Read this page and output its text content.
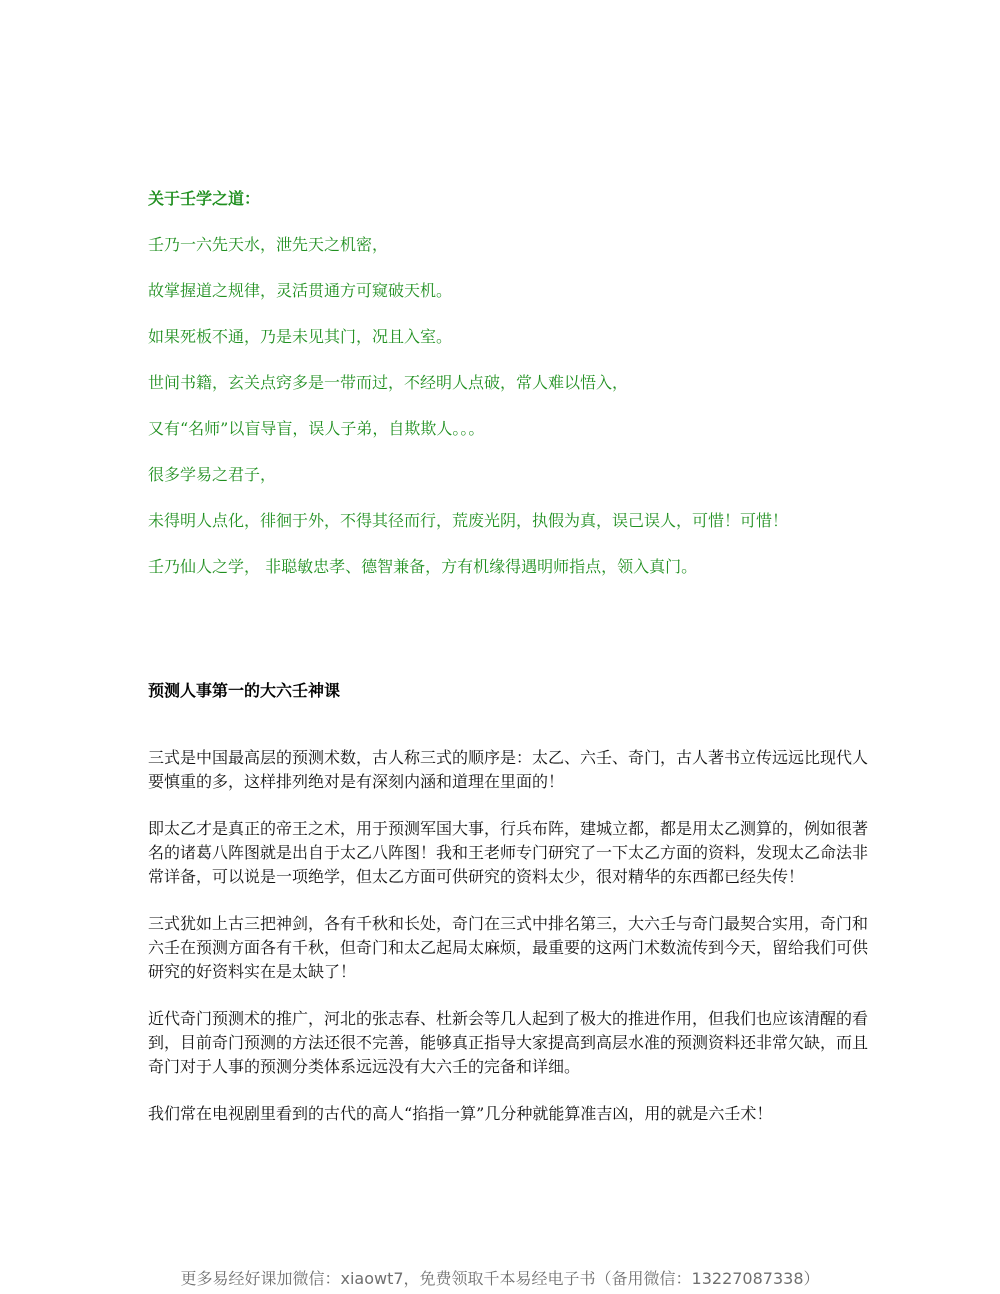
关于壬学之道：
壬乃一六先天水，泄先天之机密，
故掌握道之规律，灵活贯通方可窥破天机。
如果死板不通，乃是未见其门，况且入室。
世间书籍，玄关点窍多是一带而过，不经明人点破，常人难以悟入，
又有“名师”以盲导盲，误人子弟，自欺欺人。。。
很多学易之君子，
未得明人点化，徘徊于外，不得其径而行，荒废光阴，执假为真，误己误人，可惜！可惜！
壬乃仙人之学， 非聪敏忠孝、德智兼备，方有机缘得遇明师指点，领入真门。
预测人事第一的大六壬神课

三式是中国最高层的预测术数，古人称三式的顺序是：太乙、六壬、奇门，古人著书立传远远比现代人要慎重的多，这样排列绝对是有深刻内涵和道理在里面的！

即太乙才是真正的帝王之术，用于预测军国大事，行兵布阵，建城立都，都是用太乙测算的，例如很著名的诸葛八阵图就是出自于太乙八阵图！我和王老师专门研究了一下太乙方面的资料，发现太乙命法非常详备，可以说是一项绝学，但太乙方面可供研究的资料太少，很对精华的东西都已经失传！

三式犹如上古三把神剑，各有千秋和长处，奇门在三式中排名第三，大六壬与奇门最契合实用，奇门和六壬在预测方面各有千秋，但奇门和太乙起局太麻烦，最重要的这两门术数流传到今天，留给我们可供研究的好资料实在是太缺了！

近代奇门预测术的推广，河北的张志春、杜新会等几人起到了极大的推进作用，但我们也应该清醒的看到，目前奇门预测的方法还很不完善，能够真正指导大家提高到高层水准的预测资料还非常欠缺，而且奇门对于人事的预测分类体系远远没有大六壬的完备和详细。

我们常在电视剧里看到的古代的高人“掐指一算”几分种就能算准吉凶，用的就是六壬术！

更多易经好课加微信：xiaowt7，免费领取千本易经电子书（备用微信：13227087338）
